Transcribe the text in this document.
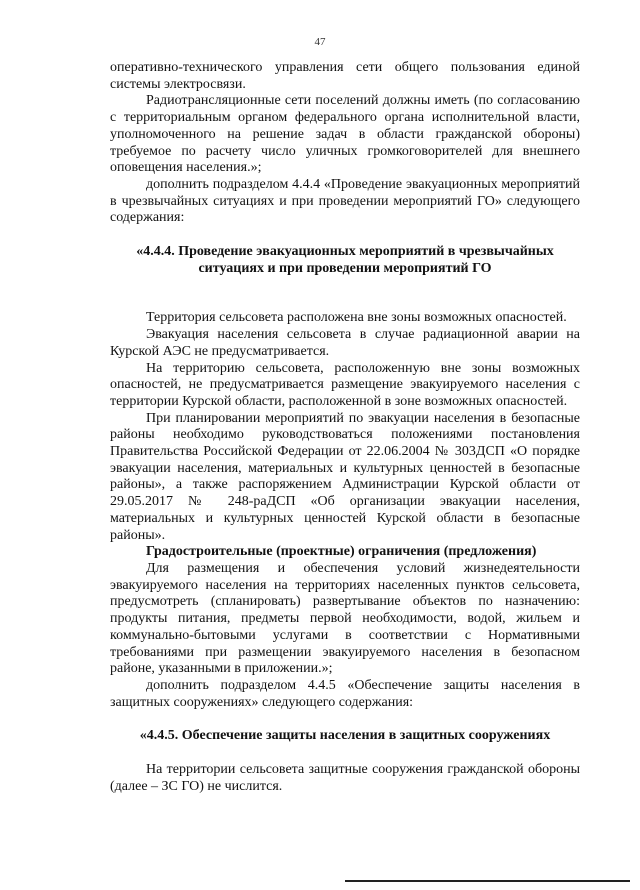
47

оперативно-технического управления сети общего пользования единой системы электросвязи.

Радиотрансляционные сети поселений должны иметь (по согласованию с территориальным органом федерального органа исполнительной власти, уполномоченного на решение задач в области гражданской обороны) требуемое по расчету число уличных громкоговорителей для внешнего оповещения населения.»;

дополнить подразделом 4.4.4 «Проведение эвакуационных мероприятий в чрезвычайных ситуациях и при проведении мероприятий ГО» следующего содержания:

«4.4.4. Проведение эвакуационных мероприятий в чрезвычайных ситуациях и при проведении мероприятий ГО

Территория сельсовета расположена вне зоны возможных опасностей.

Эвакуация населения сельсовета в случае радиационной аварии на Курской АЭС не предусматривается.

На территорию сельсовета, расположенную вне зоны возможных опасностей, не предусматривается размещение эвакуируемого населения с территории Курской области, расположенной в зоне возможных опасностей.

При планировании мероприятий по эвакуации населения в безопасные районы необходимо руководствоваться положениями постановления Правительства Российской Федерации от 22.06.2004 № 303ДСП «О порядке эвакуации населения, материальных и культурных ценностей в безопасные районы», а также распоряжением Администрации Курской области от 29.05.2017 № 248-раДСП «Об организации эвакуации населения, материальных и культурных ценностей Курской области в безопасные районы».

Градостроительные (проектные) ограничения (предложения)

Для размещения и обеспечения условий жизнедеятельности эвакуируемого населения на территориях населенных пунктов сельсовета, предусмотреть (спланировать) развертывание объектов по назначению: продукты питания, предметы первой необходимости, водой, жильем и коммунально-бытовыми услугами в соответствии с Нормативными требованиями при размещении эвакуируемого населения в безопасном районе, указанными в приложении.»;

дополнить подразделом 4.4.5 «Обеспечение защиты населения в защитных сооружениях» следующего содержания:

«4.4.5. Обеспечение защиты населения в защитных сооружениях

На территории сельсовета защитные сооружения гражданской обороны (далее – ЗС ГО) не числится.
